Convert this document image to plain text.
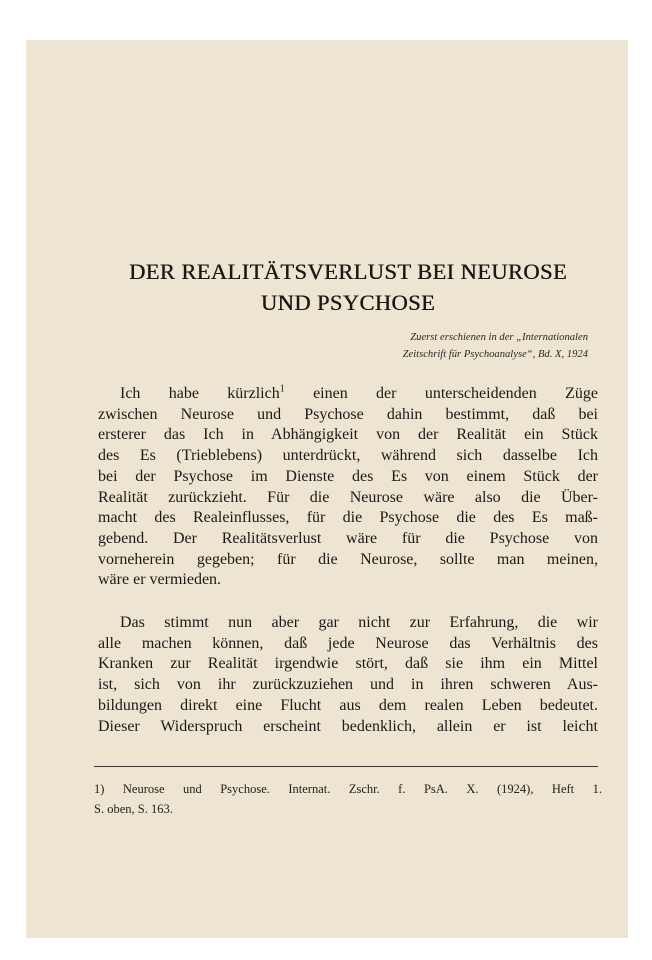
DER REALITÄTSVERLUST BEI NEUROSE
UND PSYCHOSE
Zuerst erschienen in der „Internationalen
Zeitschrift für Psychoanalyse“, Bd. X, 1924
Ich habe kürzlich$^1$ einen der unterscheidenden Züge
zwischen Neurose und Psychose dahin bestimmt, daß bei
ersterer das Ich in Abhängigkeit von der Realität ein Stück
des Es (Trieblebens) unterdrückt, während sich dasselbe Ich
bei der Psychose im Dienste des Es von einem Stück der
Realität zurückzieht. Für die Neurose wäre also die Über-
macht des Realeinflusses, für die Psychose die des Es maß-
gebend. Der Realitätsverlust wäre für die Psychose von
vorneherein gegeben; für die Neurose, sollte man meinen,
wäre er vermieden.
Das stimmt nun aber gar nicht zur Erfahrung, die wir
alle machen können, daß jede Neurose das Verhältnis des
Kranken zur Realität irgendwie stört, daß sie ihm ein Mittel
ist, sich von ihr zurückzuziehen und in ihren schweren Aus-
bildungen direkt eine Flucht aus dem realen Leben bedeutet.
Dieser Widerspruch erscheint bedenklich, allein er ist leicht
1) Neurose und Psychose. Internat. Zschr. f. PsA. X. (1924), Heft 1.
S. oben, S. 163.
